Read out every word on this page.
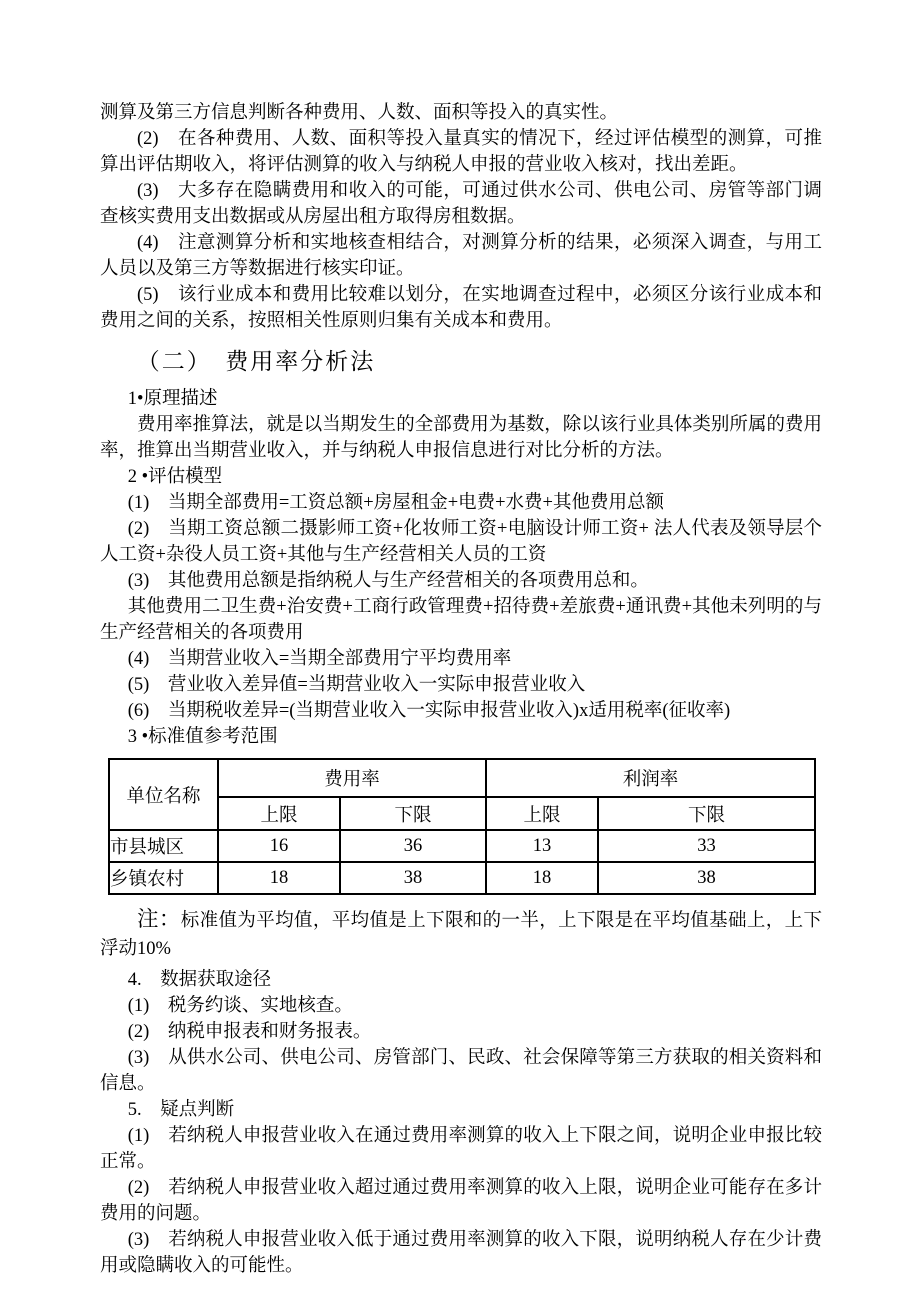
测算及第三方信息判断各种费用、人数、面积等投入的真实性。

(2)　在各种费用、人数、面积等投入量真实的情况下，经过评估模型的测算，可推算出评估期收入，将评估测算的收入与纳税人申报的营业收入核对，找出差距。

(3)　大多存在隐瞒费用和收入的可能，可通过供水公司、供电公司、房管等部门调查核实费用支出数据或从房屋出租方取得房租数据。

(4)　注意测算分析和实地核查相结合，对测算分析的结果，必须深入调查，与用工人员以及第三方等数据进行核实印证。

(5)　该行业成本和费用比较难以划分，在实地调查过程中，必须区分该行业成本和费用之间的关系，按照相关性原则归集有关成本和费用。

（二）　费用率分析法

1•原理描述

费用率推算法，就是以当期发生的全部费用为基数，除以该行业具体类别所属的费用率，推算出当期营业收入，并与纳税人申报信息进行对比分析的方法。

2 •评估模型

(1)　当期全部费用=工资总额+房屋租金+电费+水费+其他费用总额

(2)　当期工资总额二摄影师工资+化妆师工资+电脑设计师工资+ 法人代表及领导层个人工资+杂役人员工资+其他与生产经营相关人员的工资

(3)　其他费用总额是指纳税人与生产经营相关的各项费用总和。

其他费用二卫生费+治安费+工商行政管理费+招待费+差旅费+通讯费+其他未列明的与生产经营相关的各项费用

(4)　当期营业收入=当期全部费用宁平均费用率

(5)　营业收入差异值=当期营业收入一实际申报营业收入

(6)　当期税收差异=(当期营业收入一实际申报营业收入)x适用税率(征收率)

3 •标准值参考范围

单位名称	费用率		利润率	
	上限	下限	上限	下限
市县城区	16	36	13	33
乡镇农村	18	38	18	38

注：标准值为平均值，平均值是上下限和的一半，上下限是在平均值基础上，上下浮动10%

4.　数据获取途径

(1)　税务约谈、实地核查。

(2)　纳税申报表和财务报表。

(3)　从供水公司、供电公司、房管部门、民政、社会保障等第三方获取的相关资料和信息。

5.　疑点判断

(1)　若纳税人申报营业收入在通过费用率测算的收入上下限之间，说明企业申报比较正常。

(2)　若纳税人申报营业收入超过通过费用率测算的收入上限，说明企业可能存在多计费用的问题。

(3)　若纳税人申报营业收入低于通过费用率测算的收入下限，说明纳税人存在少计费用或隐瞒收入的可能性。
